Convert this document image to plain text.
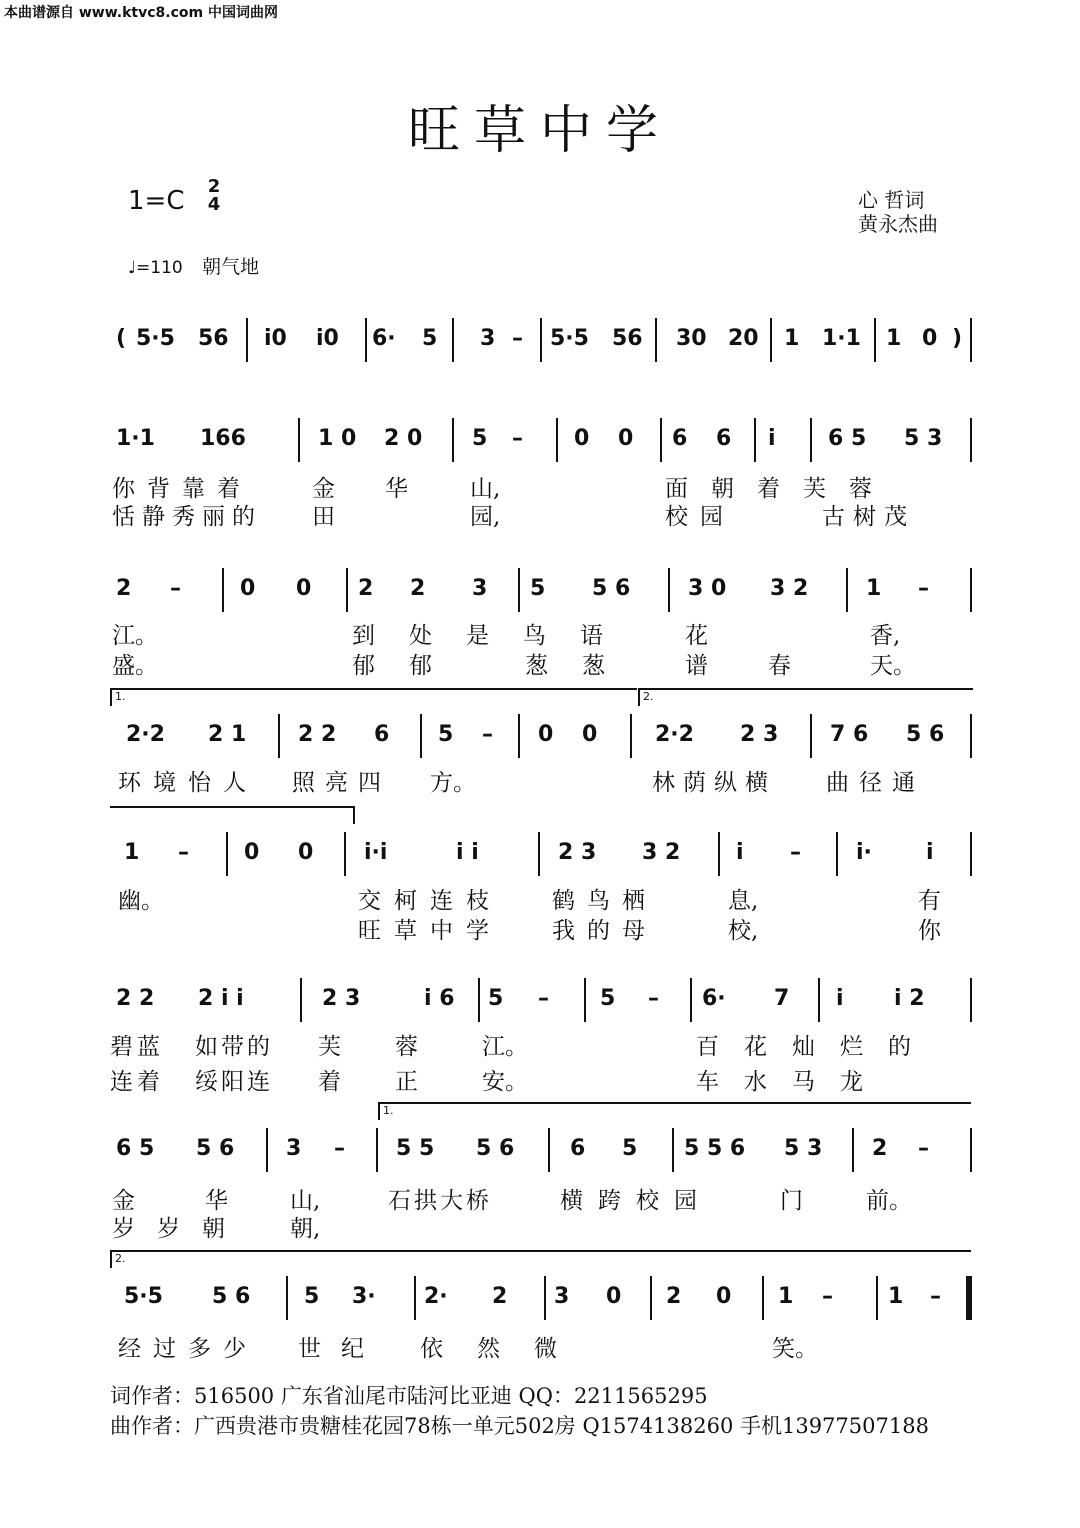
本曲谱源自 www.ktvc8.com 中国词曲网
旺草中学
1=C 2
4	心 哲词
黄永杰曲
♩=110 朝气地
( 5·5 56 i0 i0 6· 5 3 – 5·5 56 30 20 1 1·1 1 0 )
1·1 166	1 0 2 0 5 – 0 0 6 6 i 6 5 5 3
2 –	0 0 2 2 3 5 5 6	3 0 3 2	1 –
2·2 2 1 2 2 6 5 – 0 0	2·2 2 3 7 6 5 6
1 –	0 0 i·i	i i	2 3 3 2	i –	i· i
2 2 2 i i	2 3	i 6 5 – 5 – 6· 7 i i 2
6 5 5 6 3 – 5 5 5 6	6 5 5 5 6 5 3 2 –
5·5 5 6 5 3· 2· 2 3 0 2 0 1 –	1 –
1.	2.
1.
2.
你背靠着	金 华	山,	面朝着芙蓉
恬静秀丽的 田	园,	校园	古树茂
江。	到处是鸟语 花	香,
盛。	郁郁	葱葱 谱春 天。
环境怡人 照亮四 方。	林荫纵横 曲径通
幽。	交柯连枝 鹤鸟栖	息,	有
旺草中学 我的母	校,	你
碧蓝 如带的 芙 蓉	江。	百花灿烂的
连着 绥阳连 着 正	安。	车水马龙
金	华	山,	石拱大桥	横跨校园	门	前。
岁岁朝 朝,
经过多少 世纪 依然微	笑。
词作者：516500 广东省汕尾市陆河比亚迪 QQ：2211565295
曲作者：广西贵港市贵糖桂花园78栋一单元502房 Q1574138260 手机13977507188
